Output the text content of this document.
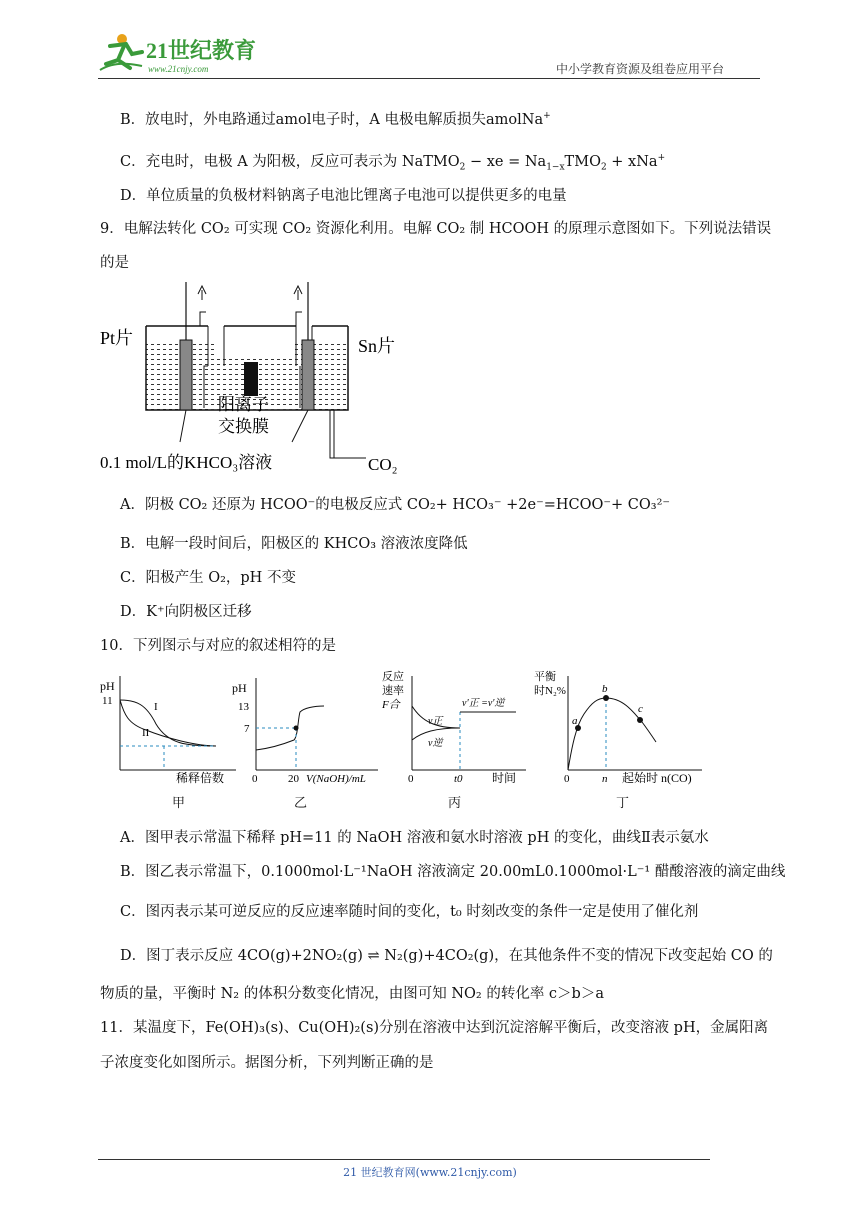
21世纪教育
www.21cnjy.com	中小学教育资源及组卷应用平台
B．放电时，外电路通过amol电子时，A 电极电解质损失amolNa+
C．充电时，电极 A 为阳极，反应可表示为 NaTMO$_2$ − xe = $Na_{1-x}TMO_2 + xNa^+$
D．单位质量的负极材料钠离子电池比锂离子电池可以提供更多的电量
9．电解法转化 CO₂ 可实现 CO₂ 资源化利用。电解 CO₂ 制 HCOOH 的原理示意图如下。下列说法错误
的是
Pt片	Sn片
阳离子
交换膜
0.1 mol/L的KHCO₃溶液	CO₂
A．阴极 CO₂ 还原为 HCOO⁻的电极反应式 CO₂+ HCO₃⁻ +2e⁻=HCOO⁻+ CO₃²⁻
B．电解一段时间后，阳极区的 KHCO₃ 溶液浓度降低
C．阳极产生 O₂，pH 不变
D．K⁺向阴极区迁移
10．下列图示与对应的叙述相符的是
pH
11	I
II
稀释倍数
甲
pH
13
7
0	20 V(NaOH)/mL
乙
反应
速率
F合
v正
v逆
v'正 =v'逆
0	t0 时间
丙
平衡
时N₂%
a
b
c
0	n 起始时 n(CO)
丁
A．图甲表示常温下稀释 pH=11 的 NaOH 溶液和氨水时溶液 pH 的变化，曲线Ⅱ表示氨水
B．图乙表示常温下，0.1000mol·L⁻¹NaOH 溶液滴定 20.00mL0.1000mol·L⁻¹ 醋酸溶液的滴定曲线
C．图丙表示某可逆反应的反应速率随时间的变化，t₀ 时刻改变的条件一定是使用了催化剂
D．图丁表示反应 4CO(g)+2NO₂(g) ⇌ N₂(g)+4CO₂(g)，在其他条件不变的情况下改变起始 CO 的
物质的量，平衡时 N₂ 的体积分数变化情况，由图可知 NO₂ 的转化率 c＞b＞a
11．某温度下，Fe(OH)₃(s)、Cu(OH)₂(s)分别在溶液中达到沉淀溶解平衡后，改变溶液 pH，金属阳离
子浓度变化如图所示。据图分析，下列判断正确的是
21 世纪教育网(www.21cnjy.com)
